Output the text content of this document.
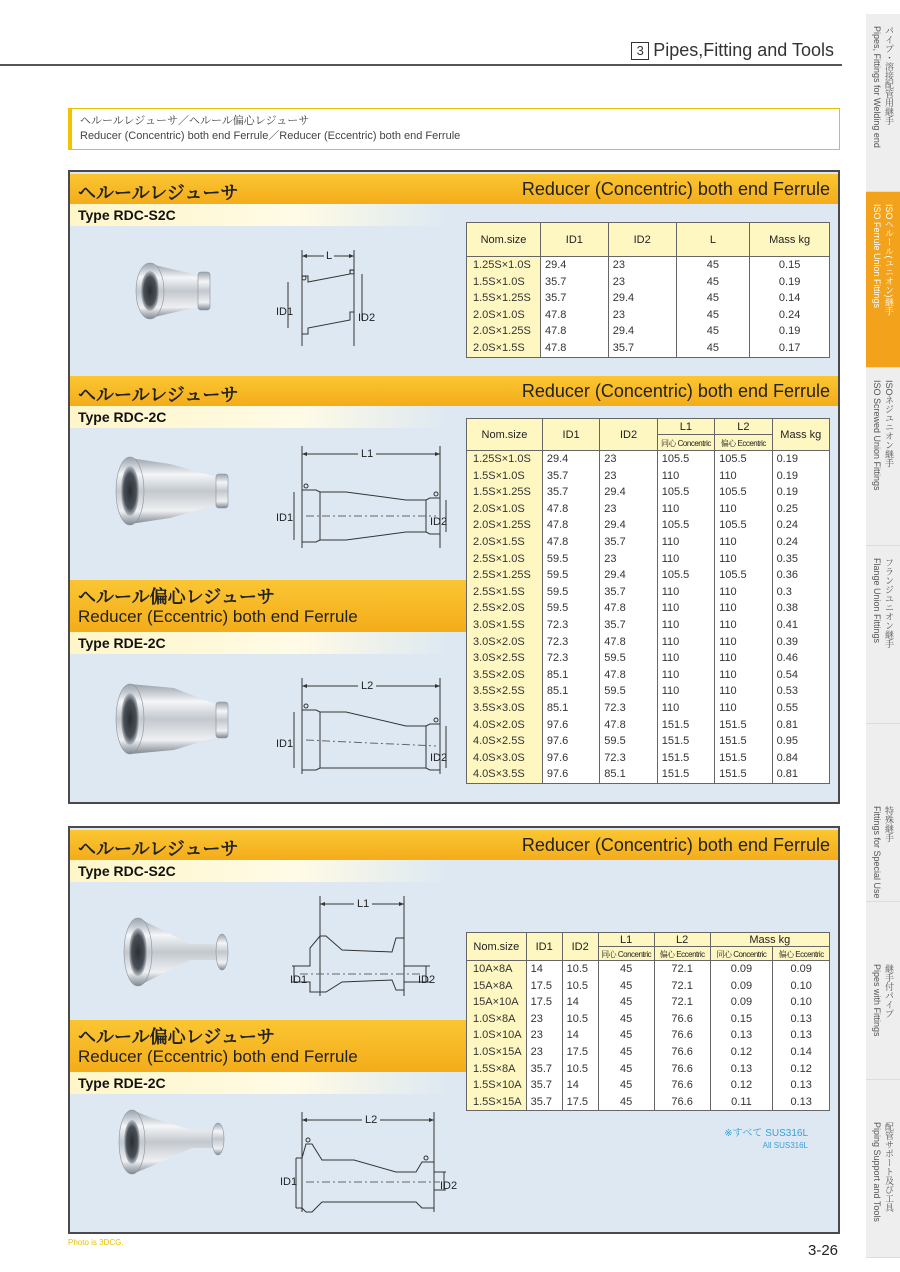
3 Pipes,Fitting and Tools	パイプ・溶接配管用継手
Pipes, Fittings for Welding end
ISOヘルール(ユニオン)継手
ISO Ferrule Union Fittings
ISOネジユニオン継手
ISO Screwed Union Fittings
フランジユニオン継手
Flange Union Fittings
特殊継手
Fittings for Special Use
継手付パイプ
Pipes with Fittings
配管サポート及び工具
Piping Support and Tools
ヘルールレジューサ／ヘルール偏心レジューサ
Reducer (Concentric) both end Ferrule／Reducer (Eccentric) both end Ferrule
ヘルールレジューサ	Reducer (Concentric) both end Ferrule
Type RDC-S2C
L
ID1	ID2
Nom.size	ID1	ID2	L	Mass kg
1.25S×1.0S	29.4	23	45	0.15
1.5S×1.0S	35.7	23	45	0.19
1.5S×1.25S	35.7	29.4	45	0.14
2.0S×1.0S	47.8	23	45	0.24
2.0S×1.25S	47.8	29.4	45	0.19
2.0S×1.5S	47.8	35.7	45	0.17
ヘルールレジューサ	Reducer (Concentric) both end Ferrule
Type RDC-2C
L1
ID1	ID2
ヘルール偏心レジューサ
Reducer (Eccentric) both end Ferrule
Type RDE-2C
L2
ID1
ID2
Nom.size	ID1	ID2	L1	L2	Mass kg
			同心 Concentric	偏心 Eccentric	
1.25S×1.0S	29.4	23	105.5	105.5	0.19
1.5S×1.0S	35.7	23	110	110	0.19
1.5S×1.25S	35.7	29.4	105.5	105.5	0.19
2.0S×1.0S	47.8	23	110	110	0.25
2.0S×1.25S	47.8	29.4	105.5	105.5	0.24
2.0S×1.5S	47.8	35.7	110	110	0.24
2.5S×1.0S	59.5	23	110	110	0.35
2.5S×1.25S	59.5	29.4	105.5	105.5	0.36
2.5S×1.5S	59.5	35.7	110	110	0.3
2.5S×2.0S	59.5	47.8	110	110	0.38
3.0S×1.5S	72.3	35.7	110	110	0.41
3.0S×2.0S	72.3	47.8	110	110	0.39
3.0S×2.5S	72.3	59.5	110	110	0.46
3.5S×2.0S	85.1	47.8	110	110	0.54
3.5S×2.5S	85.1	59.5	110	110	0.53
3.5S×3.0S	85.1	72.3	110	110	0.55
4.0S×2.0S	97.6	47.8	151.5	151.5	0.81
4.0S×2.5S	97.6	59.5	151.5	151.5	0.95
4.0S×3.0S	97.6	72.3	151.5	151.5	0.84
4.0S×3.5S	97.6	85.1	151.5	151.5	0.81
ヘルールレジューサ	Reducer (Concentric) both end Ferrule
Type RDC-S2C
L1
ID1	ID2
ヘルール偏心レジューサ
Reducer (Eccentric) both end Ferrule
Type RDE-2C
L2
ID1	ID2
Nom.size	ID1	ID2	L1	L2	Mass kg	
			同心 Concentric	偏心 Eccentric	同心 Concentric	偏心 Eccentric
10A×8A	14	10.5	45	72.1	0.09	0.09
15A×8A	17.5	10.5	45	72.1	0.09	0.10
15A×10A	17.5	14	45	72.1	0.09	0.10
1.0S×8A	23	10.5	45	76.6	0.15	0.13
1.0S×10A	23	14	45	76.6	0.13	0.13
1.0S×15A	23	17.5	45	76.6	0.12	0.14
1.5S×8A	35.7	10.5	45	76.6	0.13	0.12
1.5S×10A	35.7	14	45	76.6	0.12	0.13
1.5S×15A	35.7	17.5	45	76.6	0.11	0.13
※すべて SUS316L
All SUS316L
Photo is 3DCG.	3-26
